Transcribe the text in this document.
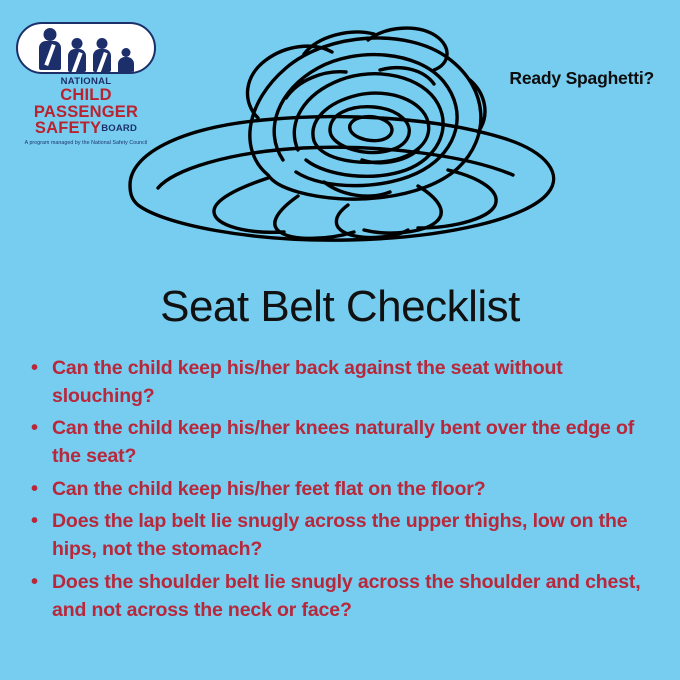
NATIONAL
CHILD PASSENGER
SAFETYBOARD
A program managed by the National Safety Council
Ready Spaghetti?
Seat Belt Checklist
• Can the child keep his/her back against the seat without slouching?
• Can the child keep his/her knees naturally bent over the edge of the seat?
• Can the child keep his/her feet flat on the floor?
• Does the lap belt lie snugly across the upper thighs, low on the hips, not the stomach?
• Does the shoulder belt lie snugly across the shoulder and chest, and not across the neck or face?
